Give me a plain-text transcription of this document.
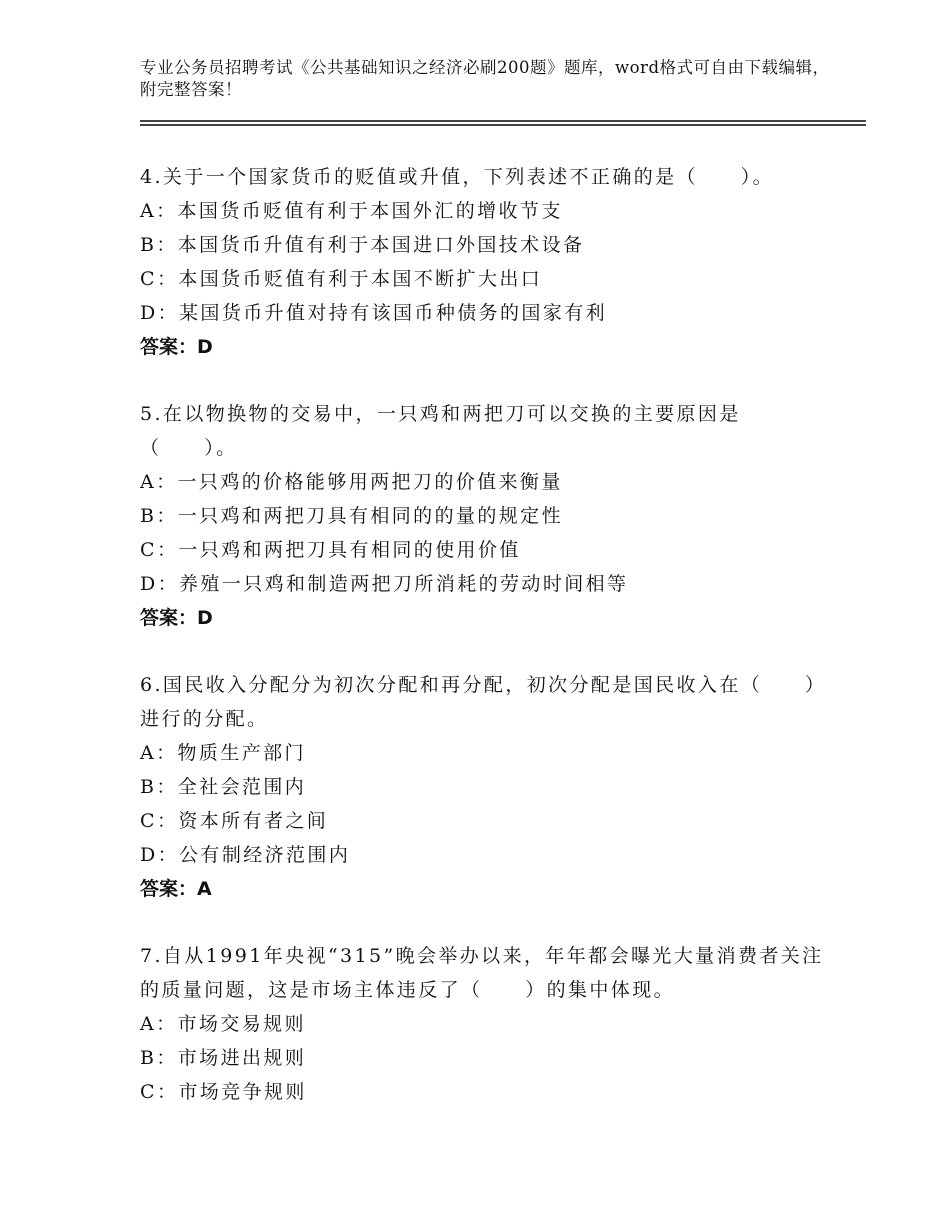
专业公务员招聘考试《公共基础知识之经济必刷200题》题库，word格式可自由下载编辑，附完整答案！
4.关于一个国家货币的贬值或升值，下列表述不正确的是（　　）。
A：本国货币贬值有利于本国外汇的增收节支
B：本国货币升值有利于本国进口外国技术设备
C：本国货币贬值有利于本国不断扩大出口
D：某国货币升值对持有该国币种债务的国家有利
答案：D
5.在以物换物的交易中，一只鸡和两把刀可以交换的主要原因是（　　）。
A：一只鸡的价格能够用两把刀的价值来衡量
B：一只鸡和两把刀具有相同的的量的规定性
C：一只鸡和两把刀具有相同的使用价值
D：养殖一只鸡和制造两把刀所消耗的劳动时间相等
答案：D
6.国民收入分配分为初次分配和再分配，初次分配是国民收入在（　　）进行的分配。
A：物质生产部门
B：全社会范围内
C：资本所有者之间
D：公有制经济范围内
答案：A
7.自从1991年央视“315”晚会举办以来，年年都会曝光大量消费者关注的质量问题，这是市场主体违反了（　　）的集中体现。
A：市场交易规则
B：市场进出规则
C：市场竞争规则
